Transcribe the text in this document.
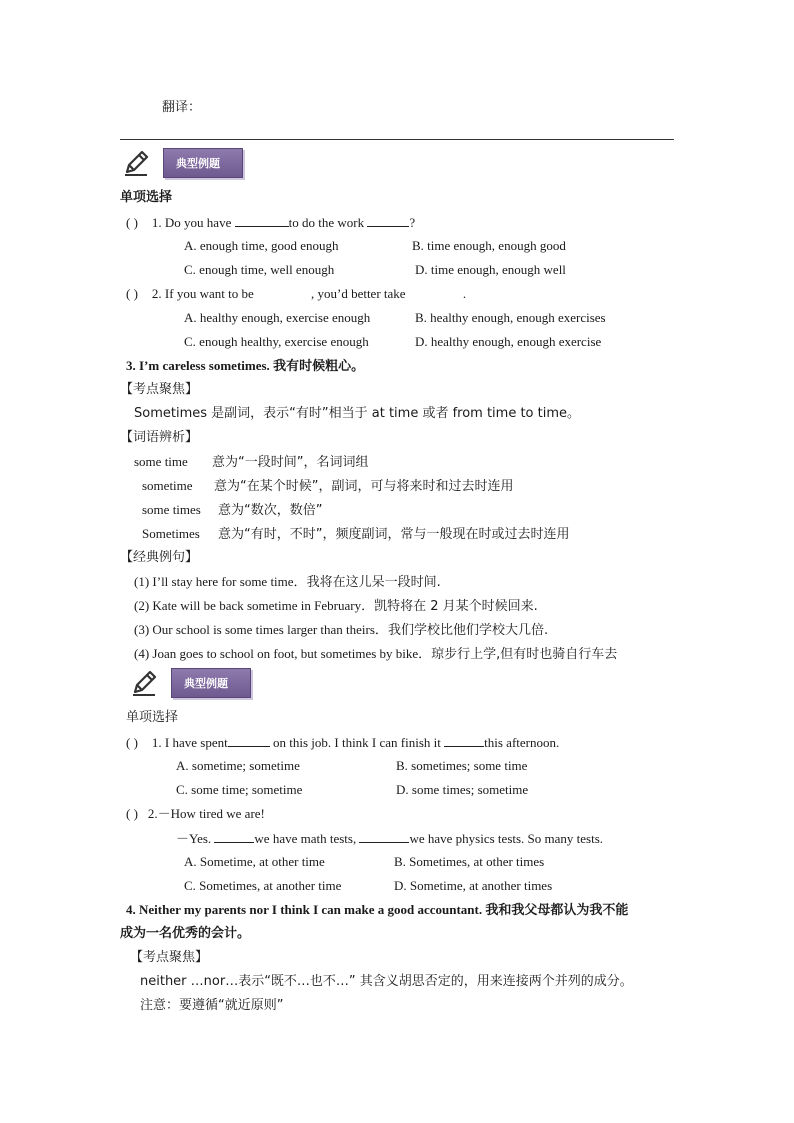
翻译：
典型例题
单项选择
( ) 1. Do you have	to do the work	?
A. enough time, good enough	B. time enough, enough good
C. enough time, well enough	D. time enough, enough well
( ) 2. If you want to be	, you’d better take	.
A. healthy enough, exercise enough	B. healthy enough, enough exercises
C. enough healthy, exercise enough	D. healthy enough, enough exercise
3. I’m careless sometimes. 我有时候粗心。
【考点聚焦】
Sometimes 是副词，表示“有时”相当于 at time 或者 from time to time。
【词语辨析】
some time 意为“一段时间”，名词词组
sometime 意为“在某个时候”，副词，可与将来时和过去时连用
some times 意为“数次，数倍”
Sometimes 意为“有时，不时”，频度副词，常与一般现在时或过去时连用
【经典例句】
(1) I’ll stay here for some time．我将在这儿呆一段时间.
(2) Kate will be back sometime in February．凯特将在 2 月某个时候回来.
(3) Our school is some times larger than theirs．我们学校比他们学校大几倍.
(4) Joan goes to school on foot, but sometimes by bike．琼步行上学,但有时也骑自行车去
典型例题
单项选择
( ) 1. I have spent	on this job. I think I can finish it	this afternoon.
A. sometime; sometime	B. sometimes; some time
C. some time; sometime	D. some times; sometime
( ) 2.－How tired we are!
－Yes.	we have math tests,	we have physics tests. So many tests.
A. Sometime, at other time	B. Sometimes, at other times
C. Sometimes, at another time	D. Sometime, at another times
4. Neither my parents nor I think I can make a good accountant. 我和我父母都认为我不能
成为一名优秀的会计。
【考点聚焦】
neither …nor…表示“既不…也不…” 其含义胡思否定的，用来连接两个并列的成分。
注意：要遵循“就近原则”
